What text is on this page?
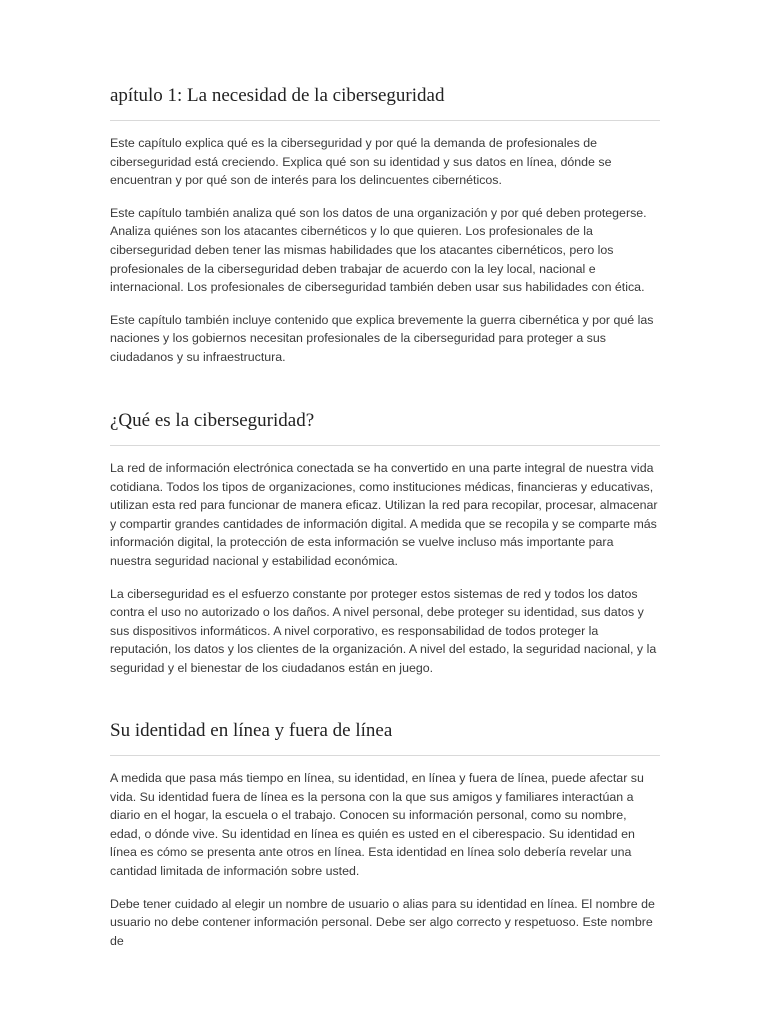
apítulo 1: La necesidad de la ciberseguridad

Este capítulo explica qué es la ciberseguridad y por qué la demanda de profesionales de ciberseguridad está creciendo. Explica qué son su identidad y sus datos en línea, dónde se encuentran y por qué son de interés para los delincuentes cibernéticos.

Este capítulo también analiza qué son los datos de una organización y por qué deben protegerse. Analiza quiénes son los atacantes cibernéticos y lo que quieren. Los profesionales de la ciberseguridad deben tener las mismas habilidades que los atacantes cibernéticos, pero los profesionales de la ciberseguridad deben trabajar de acuerdo con la ley local, nacional e internacional. Los profesionales de ciberseguridad también deben usar sus habilidades con ética.

Este capítulo también incluye contenido que explica brevemente la guerra cibernética y por qué las naciones y los gobiernos necesitan profesionales de la ciberseguridad para proteger a sus ciudadanos y su infraestructura.

¿Qué es la ciberseguridad?

La red de información electrónica conectada se ha convertido en una parte integral de nuestra vida cotidiana. Todos los tipos de organizaciones, como instituciones médicas, financieras y educativas, utilizan esta red para funcionar de manera eficaz. Utilizan la red para recopilar, procesar, almacenar y compartir grandes cantidades de información digital. A medida que se recopila y se comparte más información digital, la protección de esta información se vuelve incluso más importante para nuestra seguridad nacional y estabilidad económica.

La ciberseguridad es el esfuerzo constante por proteger estos sistemas de red y todos los datos contra el uso no autorizado o los daños. A nivel personal, debe proteger su identidad, sus datos y sus dispositivos informáticos. A nivel corporativo, es responsabilidad de todos proteger la reputación, los datos y los clientes de la organización. A nivel del estado, la seguridad nacional, y la seguridad y el bienestar de los ciudadanos están en juego.

Su identidad en línea y fuera de línea

A medida que pasa más tiempo en línea, su identidad, en línea y fuera de línea, puede afectar su vida. Su identidad fuera de línea es la persona con la que sus amigos y familiares interactúan a diario en el hogar, la escuela o el trabajo. Conocen su información personal, como su nombre, edad, o dónde vive. Su identidad en línea es quién es usted en el ciberespacio. Su identidad en línea es cómo se presenta ante otros en línea. Esta identidad en línea solo debería revelar una cantidad limitada de información sobre usted.

Debe tener cuidado al elegir un nombre de usuario o alias para su identidad en línea. El nombre de usuario no debe contener información personal. Debe ser algo correcto y respetuoso. Este nombre de
